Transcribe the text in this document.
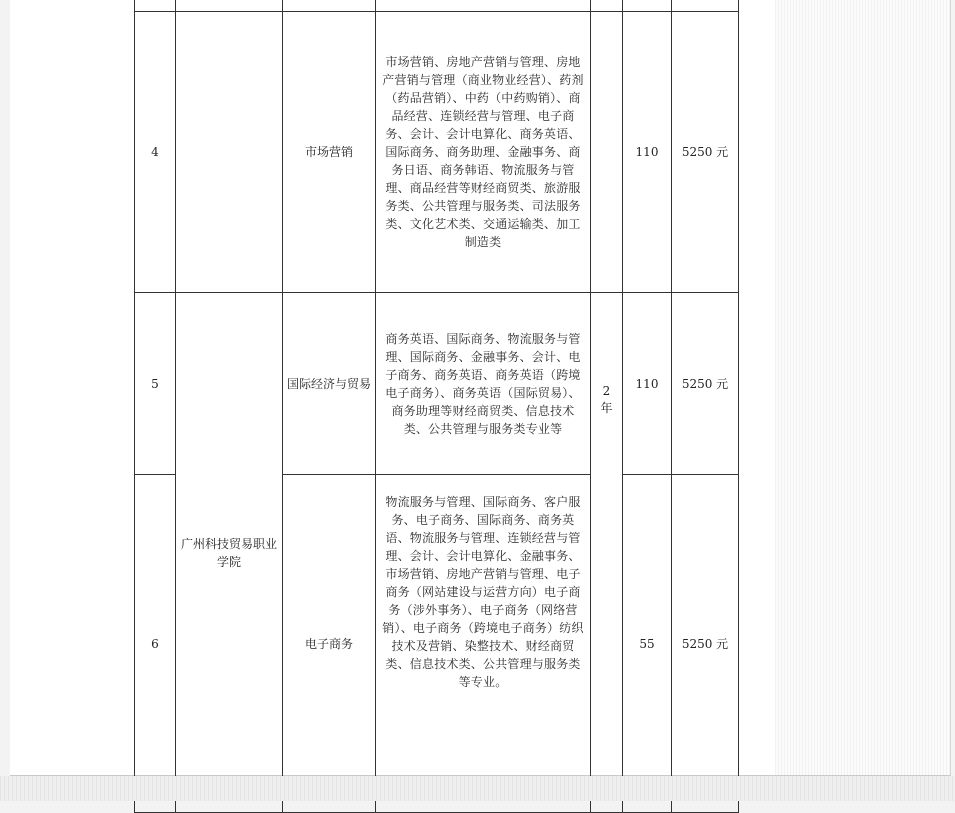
4		市场营销	市场营销、房地产营销与管理、房地产营销与管理（商业物业经营）、药剂（药品营销）、中药（中药购销）、商品经营、连锁经营与管理、电子商务、会计、会计电算化、商务英语、国际商务、商务助理、金融事务、商务日语、商务韩语、物流服务与管理、商品经营等财经商贸类、旅游服务类、公共管理与服务类、司法服务类、文化艺术类、交通运输类、加工制造类		110	5250 元
5	广州科技贸易职业学院	国际经济与贸易	商务英语、国际商务、物流服务与管理、国际商务、金融事务、会计、电子商务、商务英语、商务英语（跨境电子商务）、商务英语（国际贸易）、商务助理等财经商贸类、信息技术类、公共管理与服务类专业等	2 年	110	5250 元
6		电子商务	物流服务与管理、国际商务、客户服务、电子商务、国际商务、商务英语、物流服务与管理、连锁经营与管理、会计、会计电算化、金融事务、市场营销、房地产营销与管理、电子商务（网站建设与运营方向）电子商务（涉外事务）、电子商务（网络营销）、电子商务（跨境电子商务）纺织技术及营销、染整技术、财经商贸类、信息技术类、公共管理与服务类等专业。		55	5250 元
